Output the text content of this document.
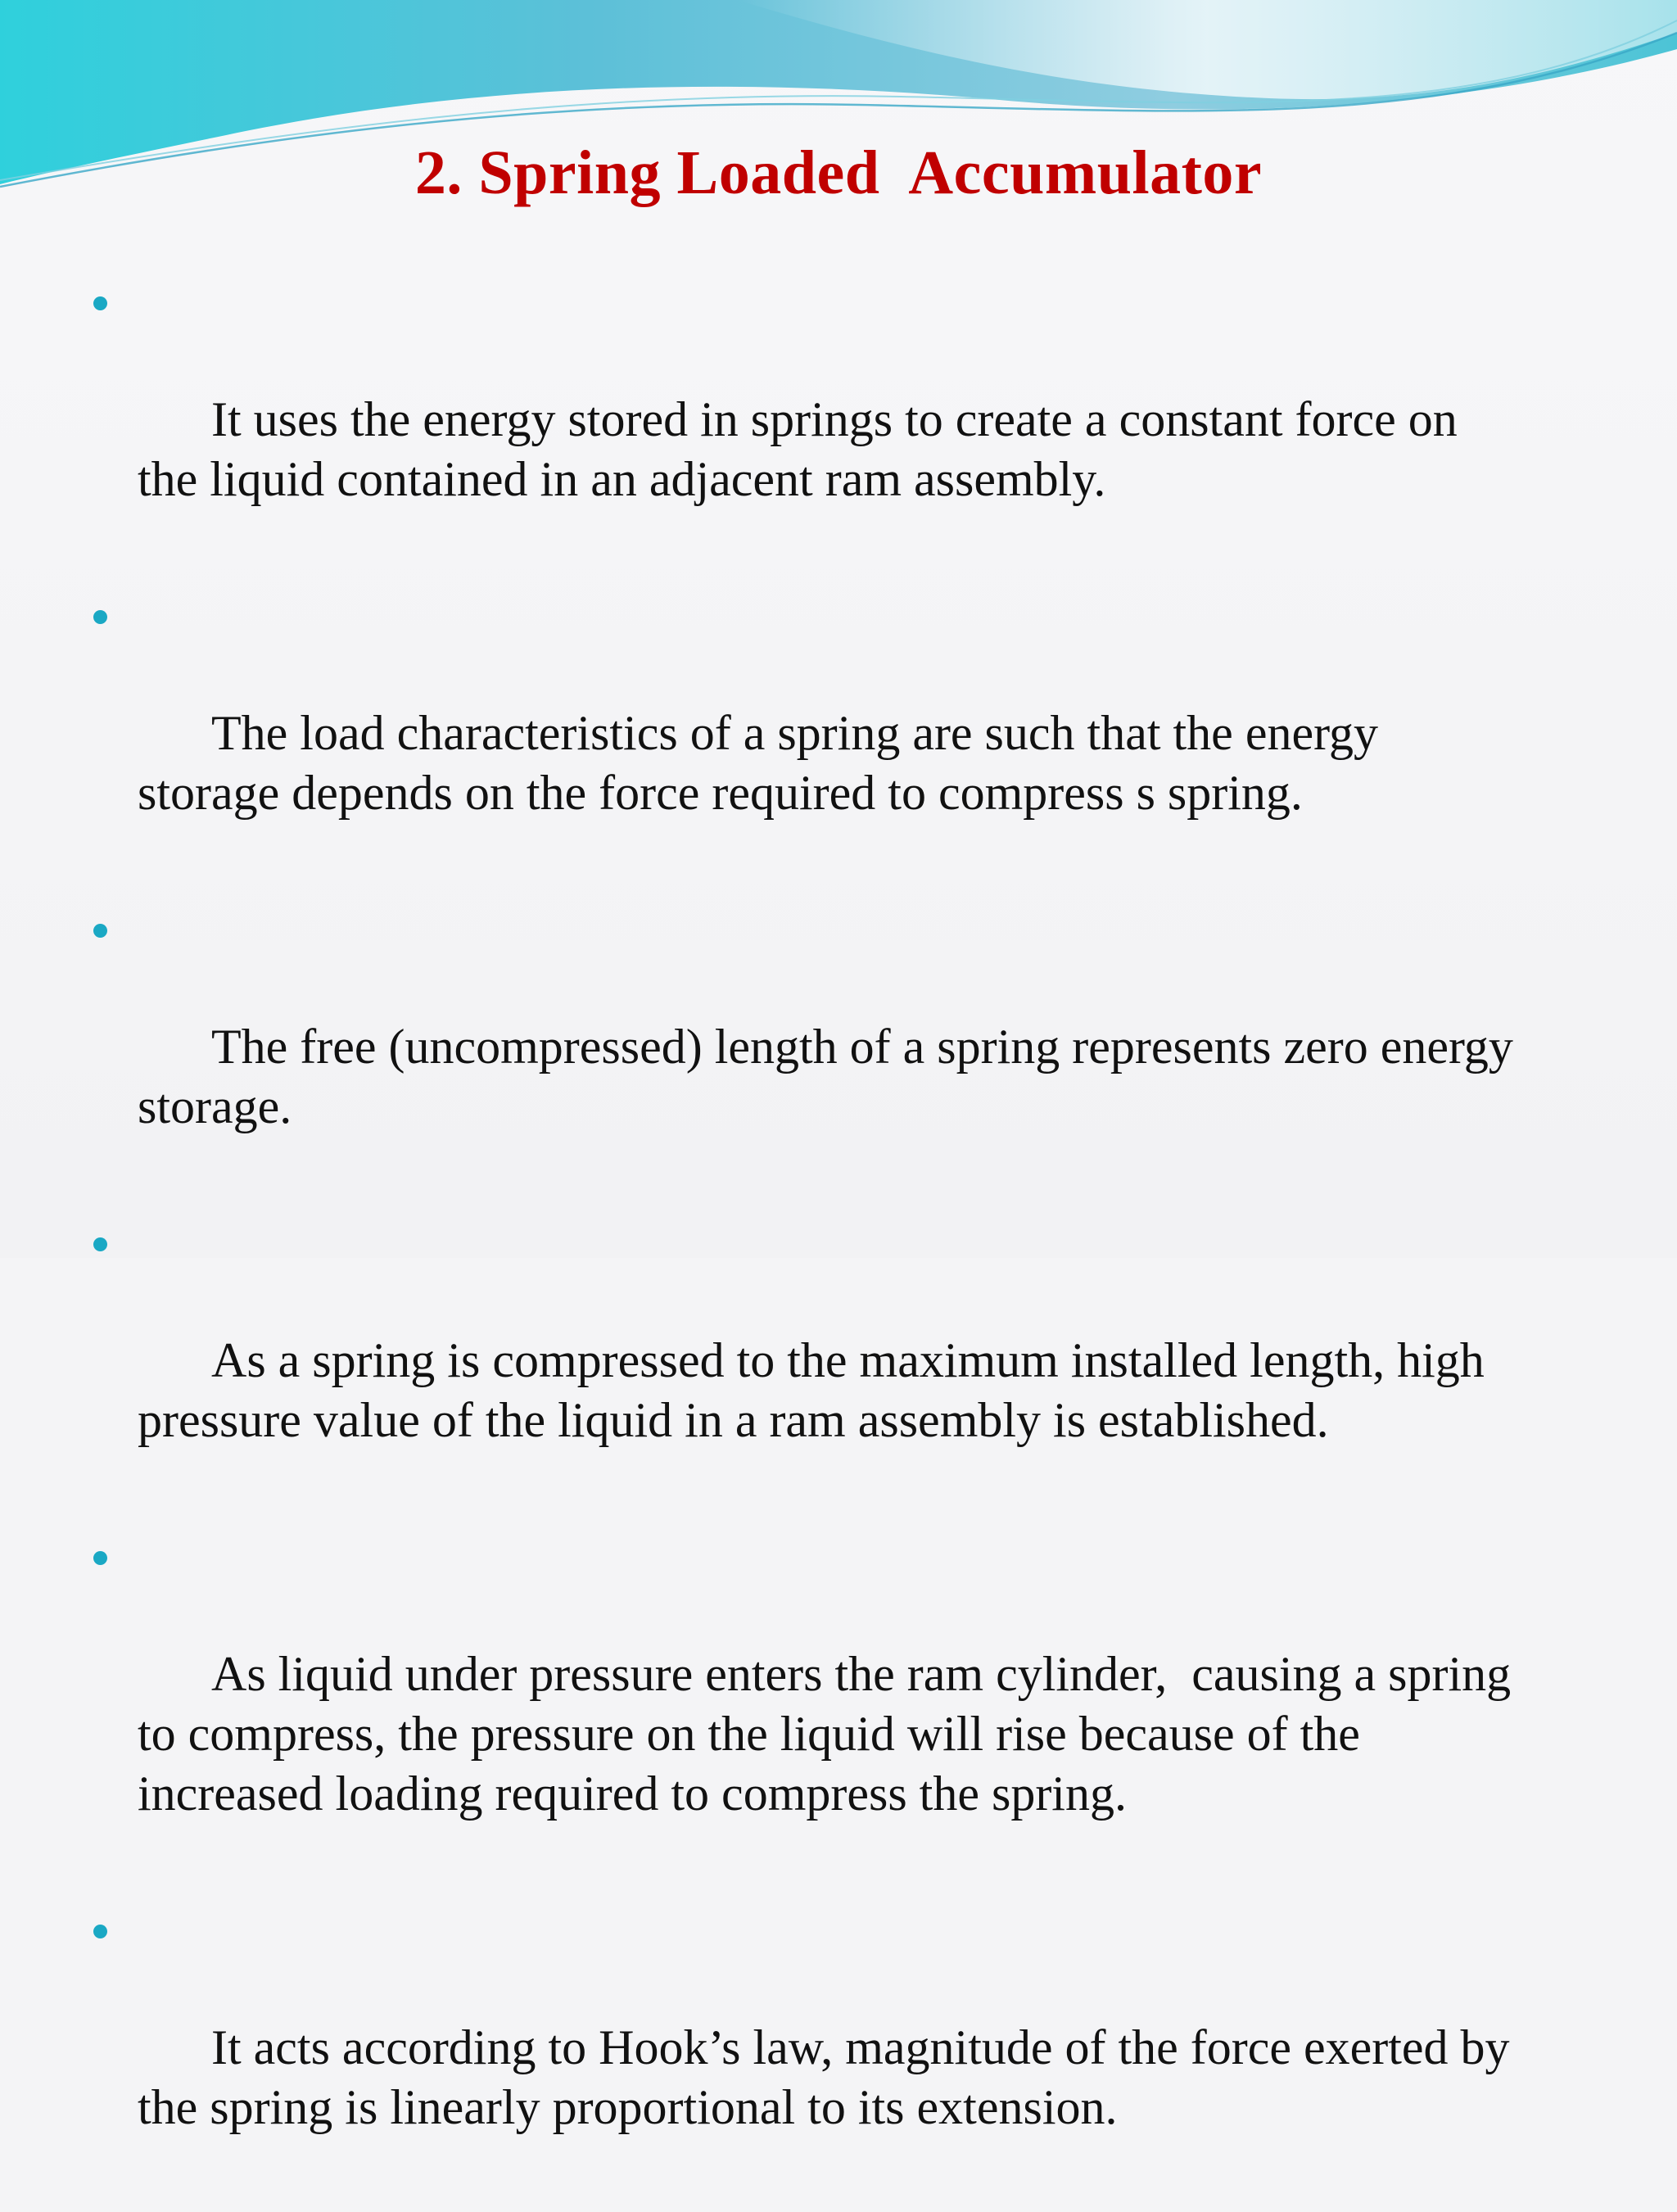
2. Spring Loaded  Accumulator

It uses the energy stored in springs to create a constant force on
the liquid contained in an adjacent ram assembly.

The load characteristics of a spring are such that the energy
storage depends on the force required to compress s spring.

The free (uncompressed) length of a spring represents zero energy
storage.

As a spring is compressed to the maximum installed length, high
pressure value of the liquid in a ram assembly is established.

As liquid under pressure enters the ram cylinder,  causing a spring
to compress, the pressure on the liquid will rise because of the
increased loading required to compress the spring.

It acts according to Hook’s law, magnitude of the force exerted by
the spring is linearly proportional to its extension.
